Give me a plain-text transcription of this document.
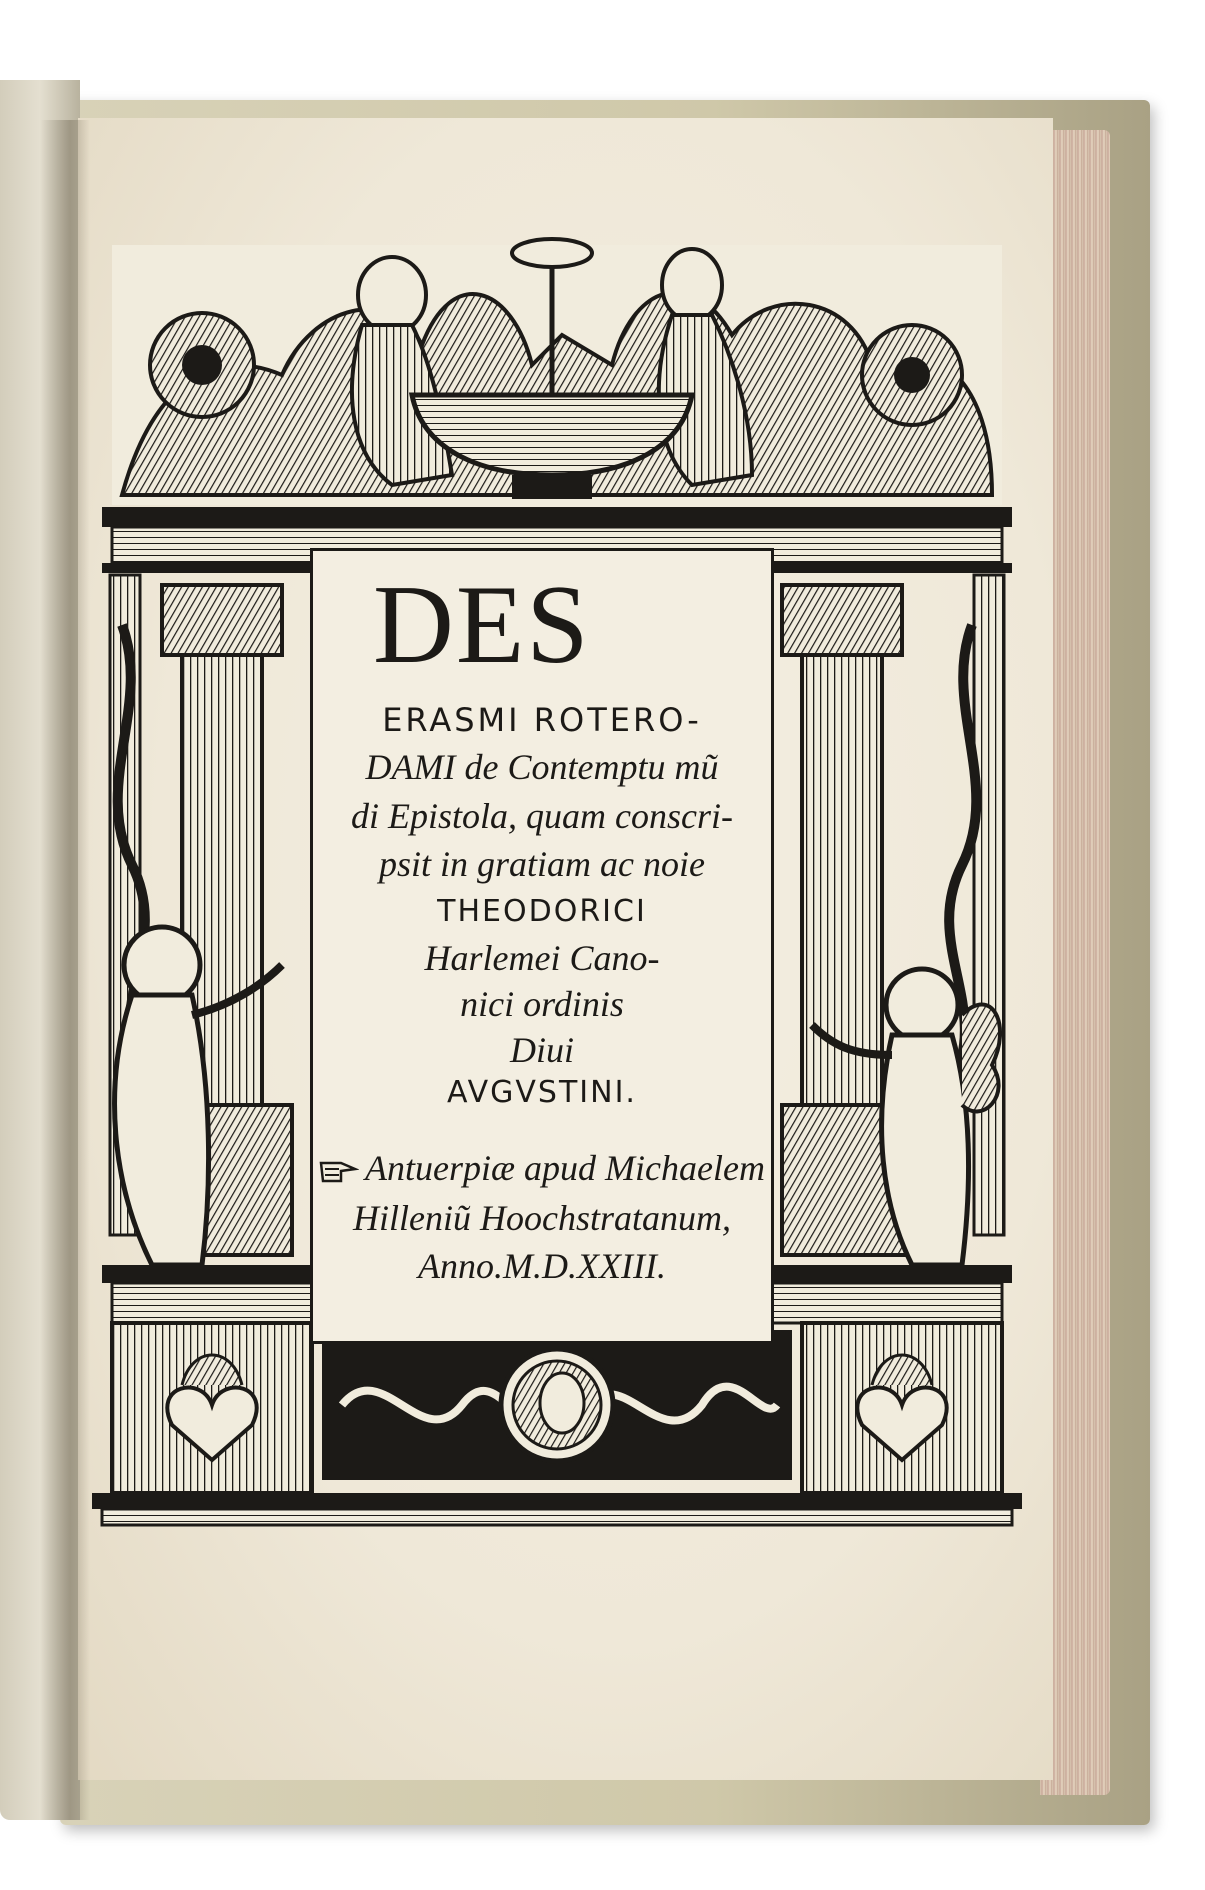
DES
ERASMI ROTERO-
DAMI de Contemptu mũ
di Epistola, quam conscri-
psit in gratiam ac noie
THEODORICI
Harlemei Cano-
nici ordinis
Diui
AVGVSTINI.
Antuerpiæ apud Michaelem
Hilleniũ Hoochstratanum,
Anno.M.D.XXIII.
